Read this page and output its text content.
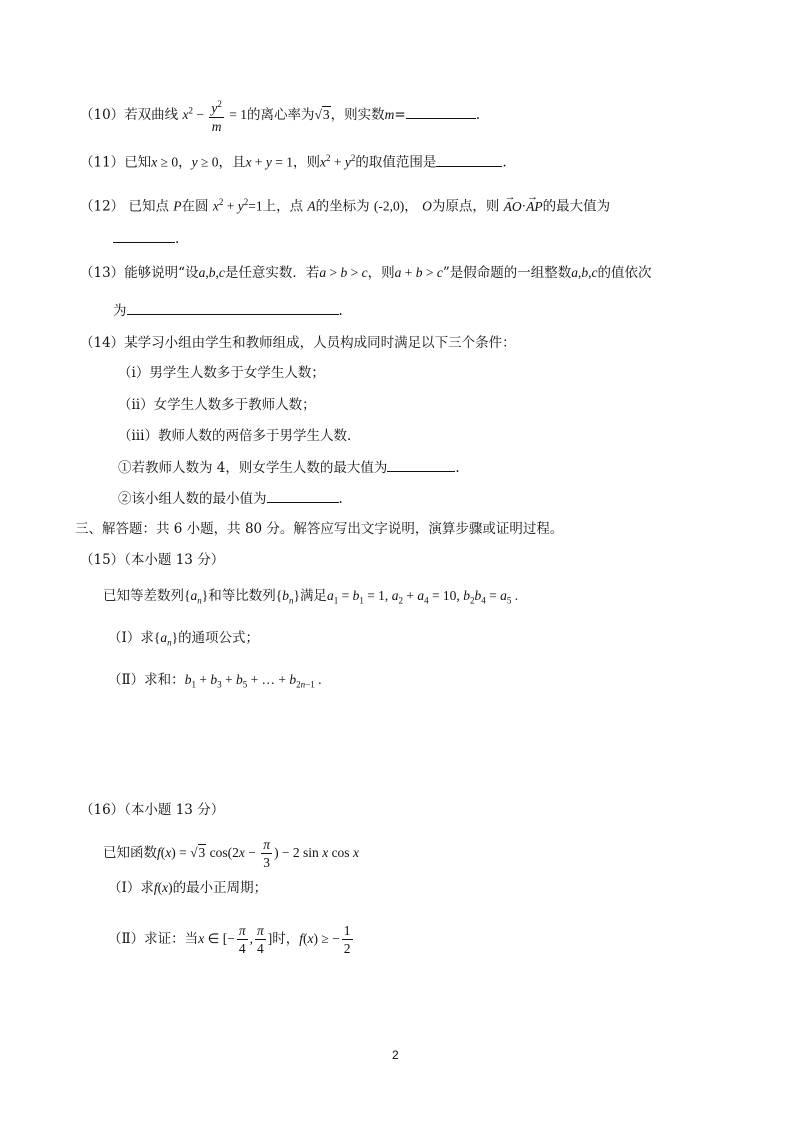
（10）若双曲线 $x^2 - \frac{y^2}{m} = 1$的离心率为√3，则实数m=	.
（11）已知x ≥ 0，y ≥ 0，且x + y = 1，则$x^2 + y^2$的取值范围是	.
（12） 已知点 P在圆 $x^2 + y^2=1$上，点 A的坐标为 (-2,0)， O为原点，则 → AO·→ AP的最大值为
.
（13）能够说明“设a,b,c是任意实数．若a > b > c，则a + b > c”是假命题的一组整数a,b,c的值依次
为	.
（14）某学习小组由学生和教师组成，人员构成同时满足以下三个条件：
（ⅰ）男学生人数多于女学生人数；
（ⅱ）女学生人数多于教师人数；
（ⅲ）教师人数的两倍多于男学生人数．
①若教师人数为 4，则女学生人数的最大值为	.
②该小组人数的最小值为	.
三、解答题：共 6 小题，共 80 分。解答应写出文字说明，演算步骤或证明过程。
（15）（本小题 13 分）
已知等差数列$\{a_n\}$和等比数列$\{b_n\}$满足$a_1 = b_1 = 1$, $a_2 + a_4 = 10$, $b_2b_4 = a_5$ .
（Ⅰ）求$\{a_n\}$的通项公式；
（Ⅱ）求和：$b_1 + b_3 + b_5$ + … + $b_{2n-1}$ .
（16）（本小题 13 分）
已知函数f(x) = √3 $\cos(2x - \frac{\pi}{3}$ ) − 2 sin x cos x
（Ⅰ）求f(x)的最小正周期；
（Ⅱ）求证：当x ∈ [− $\frac{\pi}{4}$ , $\frac{\pi}{4}$ ]时，f(x) ≥ − $\frac{1}{2}$
2
